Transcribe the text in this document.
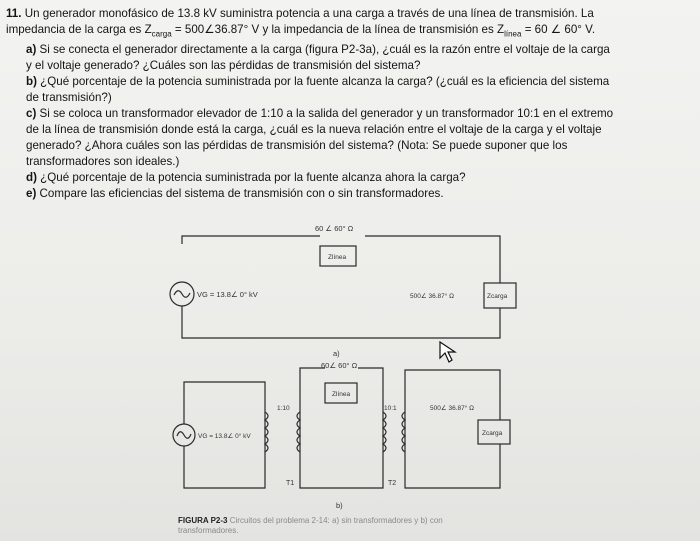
11. Un generador monofásico de 13.8 kV suministra potencia a una carga a través de una línea de transmisión. La

impedancia de la carga es $Z_{carga}$ = 500∠36.87° V y la impedancia de la línea de transmisión es $Z_{línea} = 60$ ∠ 60° V.

a) Si se conecta el generador directamente a la carga (figura P2-3a), ¿cuál es la razón entre el voltaje de la carga
y el voltaje generado? ¿Cuáles son las pérdidas de transmisión del sistema?

b) ¿Qué porcentaje de la potencia suministrada por la fuente alcanza la carga? (¿cuál es la eficiencia del sistema
de transmisión?)

c) Si se coloca un transformador elevador de 1:10 a la salida del generador y un transformador 10:1 en el extremo
de la línea de transmisión donde está la carga, ¿cuál es la nueva relación entre el voltaje de la carga y el voltaje
generado? ¿Ahora cuáles son las pérdidas de transmisión del sistema? (Nota: Se puede suponer que los
transformadores son ideales.)

d) ¿Qué porcentaje de la potencia suministrada por la fuente alcanza ahora la carga?

e) Compare las eficiencias del sistema de transmisión con o sin transformadores.

60 ∠ 60° Ω
Zlínea
VG = 13.8∠ 0° kV	500∠ 36.87° Ω	Zcarga
a)
60∠ 60° Ω
Zlínea
VG = 13.8∠ 0° kV
1:10	10:1	500∠ 36.87° Ω
Zcarga
T1	T2
b)
FIGURA P2-3 Circuitos del problema 2-14: a) sin transformadores y b) con
transformadores.
